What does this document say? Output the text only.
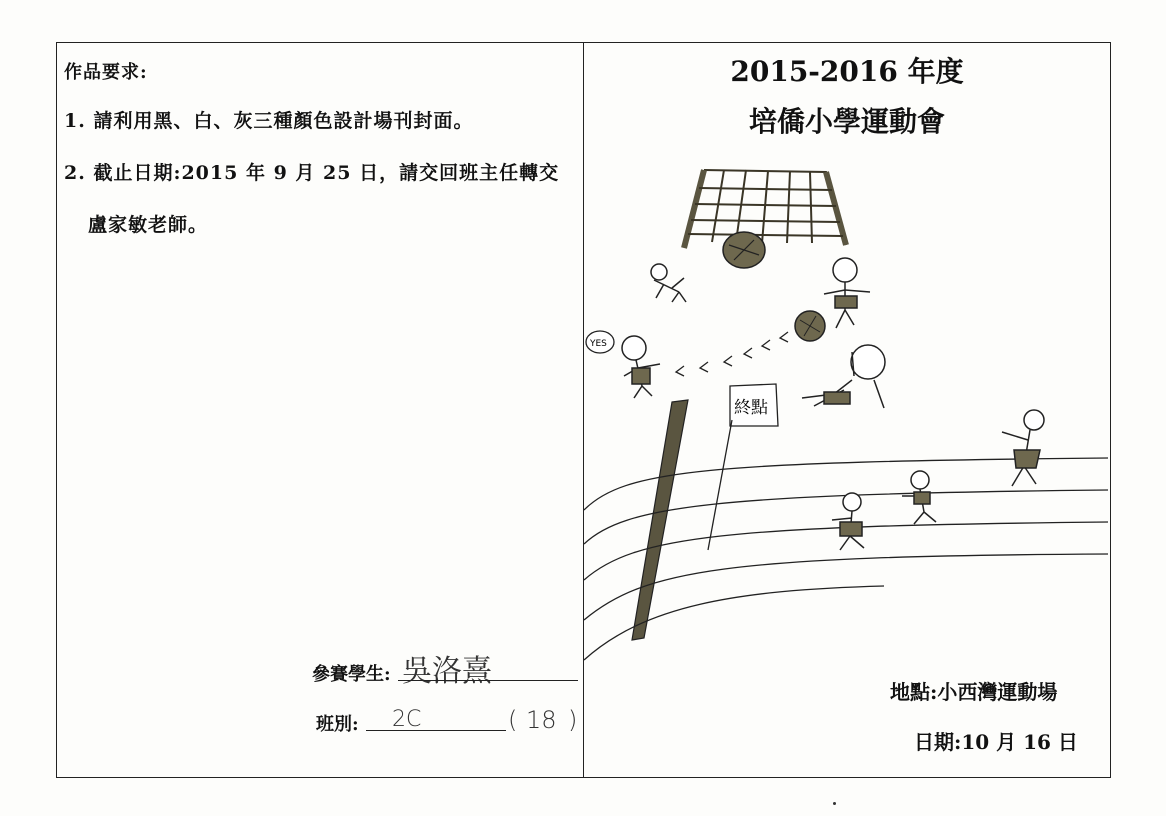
作品要求:
1. 請利用黑、白、灰三種顏色設計場刊封面。
2. 截止日期:2015 年 9 月 25 日，請交回班主任轉交
盧家敏老師。
參賽學生: 吳洛熹
班別: 2C	( 18 )
2015-2016 年度
培僑小學運動會
YES
終點
地點:小西灣運動場
日期:10 月 16 日
